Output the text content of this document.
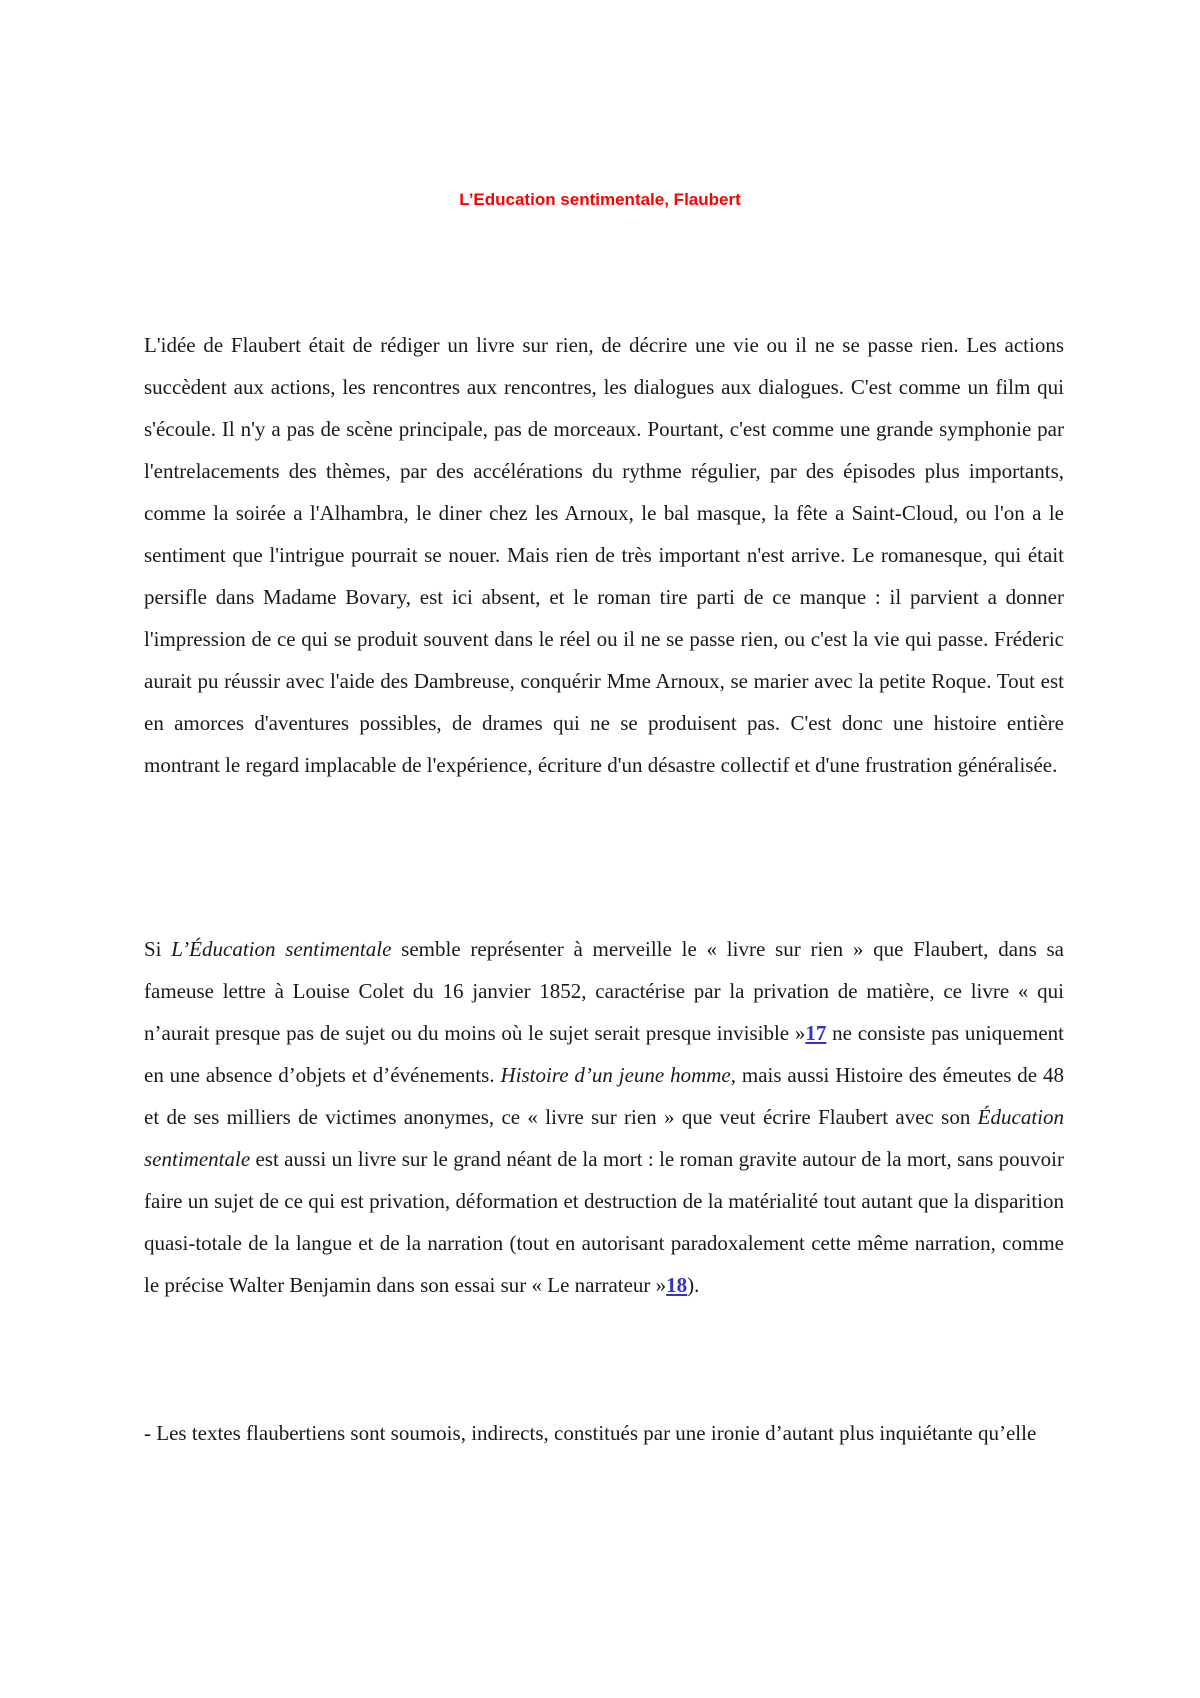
L’Education sentimentale, Flaubert

L'idée de Flaubert était de rédiger un livre sur rien, de décrire une vie ou il ne se passe rien. Les actions succèdent aux actions, les rencontres aux rencontres, les dialogues aux dialogues. C'est comme un film qui s'écoule. Il n'y a pas de scène principale, pas de morceaux. Pourtant, c'est comme une grande symphonie par l'entrelacements des thèmes, par des accélérations du rythme régulier, par des épisodes plus importants, comme la soirée a l'Alhambra, le diner chez les Arnoux, le bal masque, la fête a Saint-Cloud, ou l'on a le sentiment que l'intrigue pourrait se nouer. Mais rien de très important n'est arrive. Le romanesque, qui était persifle dans Madame Bovary, est ici absent, et le roman tire parti de ce manque : il parvient a donner l'impression de ce qui se produit souvent dans le réel ou il ne se passe rien, ou c'est la vie qui passe. Fréderic aurait pu réussir avec l'aide des Dambreuse, conquérir Mme Arnoux, se marier avec la petite Roque. Tout est en amorces d'aventures possibles, de drames qui ne se produisent pas. C'est donc une histoire entière montrant le regard implacable de l'expérience, écriture d'un désastre collectif et d'une frustration généralisée.

Si L’Éducation sentimentale semble représenter à merveille le « livre sur rien » que Flaubert, dans sa fameuse lettre à Louise Colet du 16 janvier 1852, caractérise par la privation de matière, ce livre « qui n’aurait presque pas de sujet ou du moins où le sujet serait presque invisible »17 ne consiste pas uniquement en une absence d’objets et d’événements. Histoire d’un jeune homme, mais aussi Histoire des émeutes de 48 et de ses milliers de victimes anonymes, ce « livre sur rien » que veut écrire Flaubert avec son Éducation sentimentale est aussi un livre sur le grand néant de la mort : le roman gravite autour de la mort, sans pouvoir faire un sujet de ce qui est privation, déformation et destruction de la matérialité tout autant que la disparition quasi-totale de la langue et de la narration (tout en autorisant paradoxalement cette même narration, comme le précise Walter Benjamin dans son essai sur « Le narrateur »18).

- Les textes flaubertiens sont soumois, indirects, constitués par une ironie d’autant plus inquiétante qu’elle
